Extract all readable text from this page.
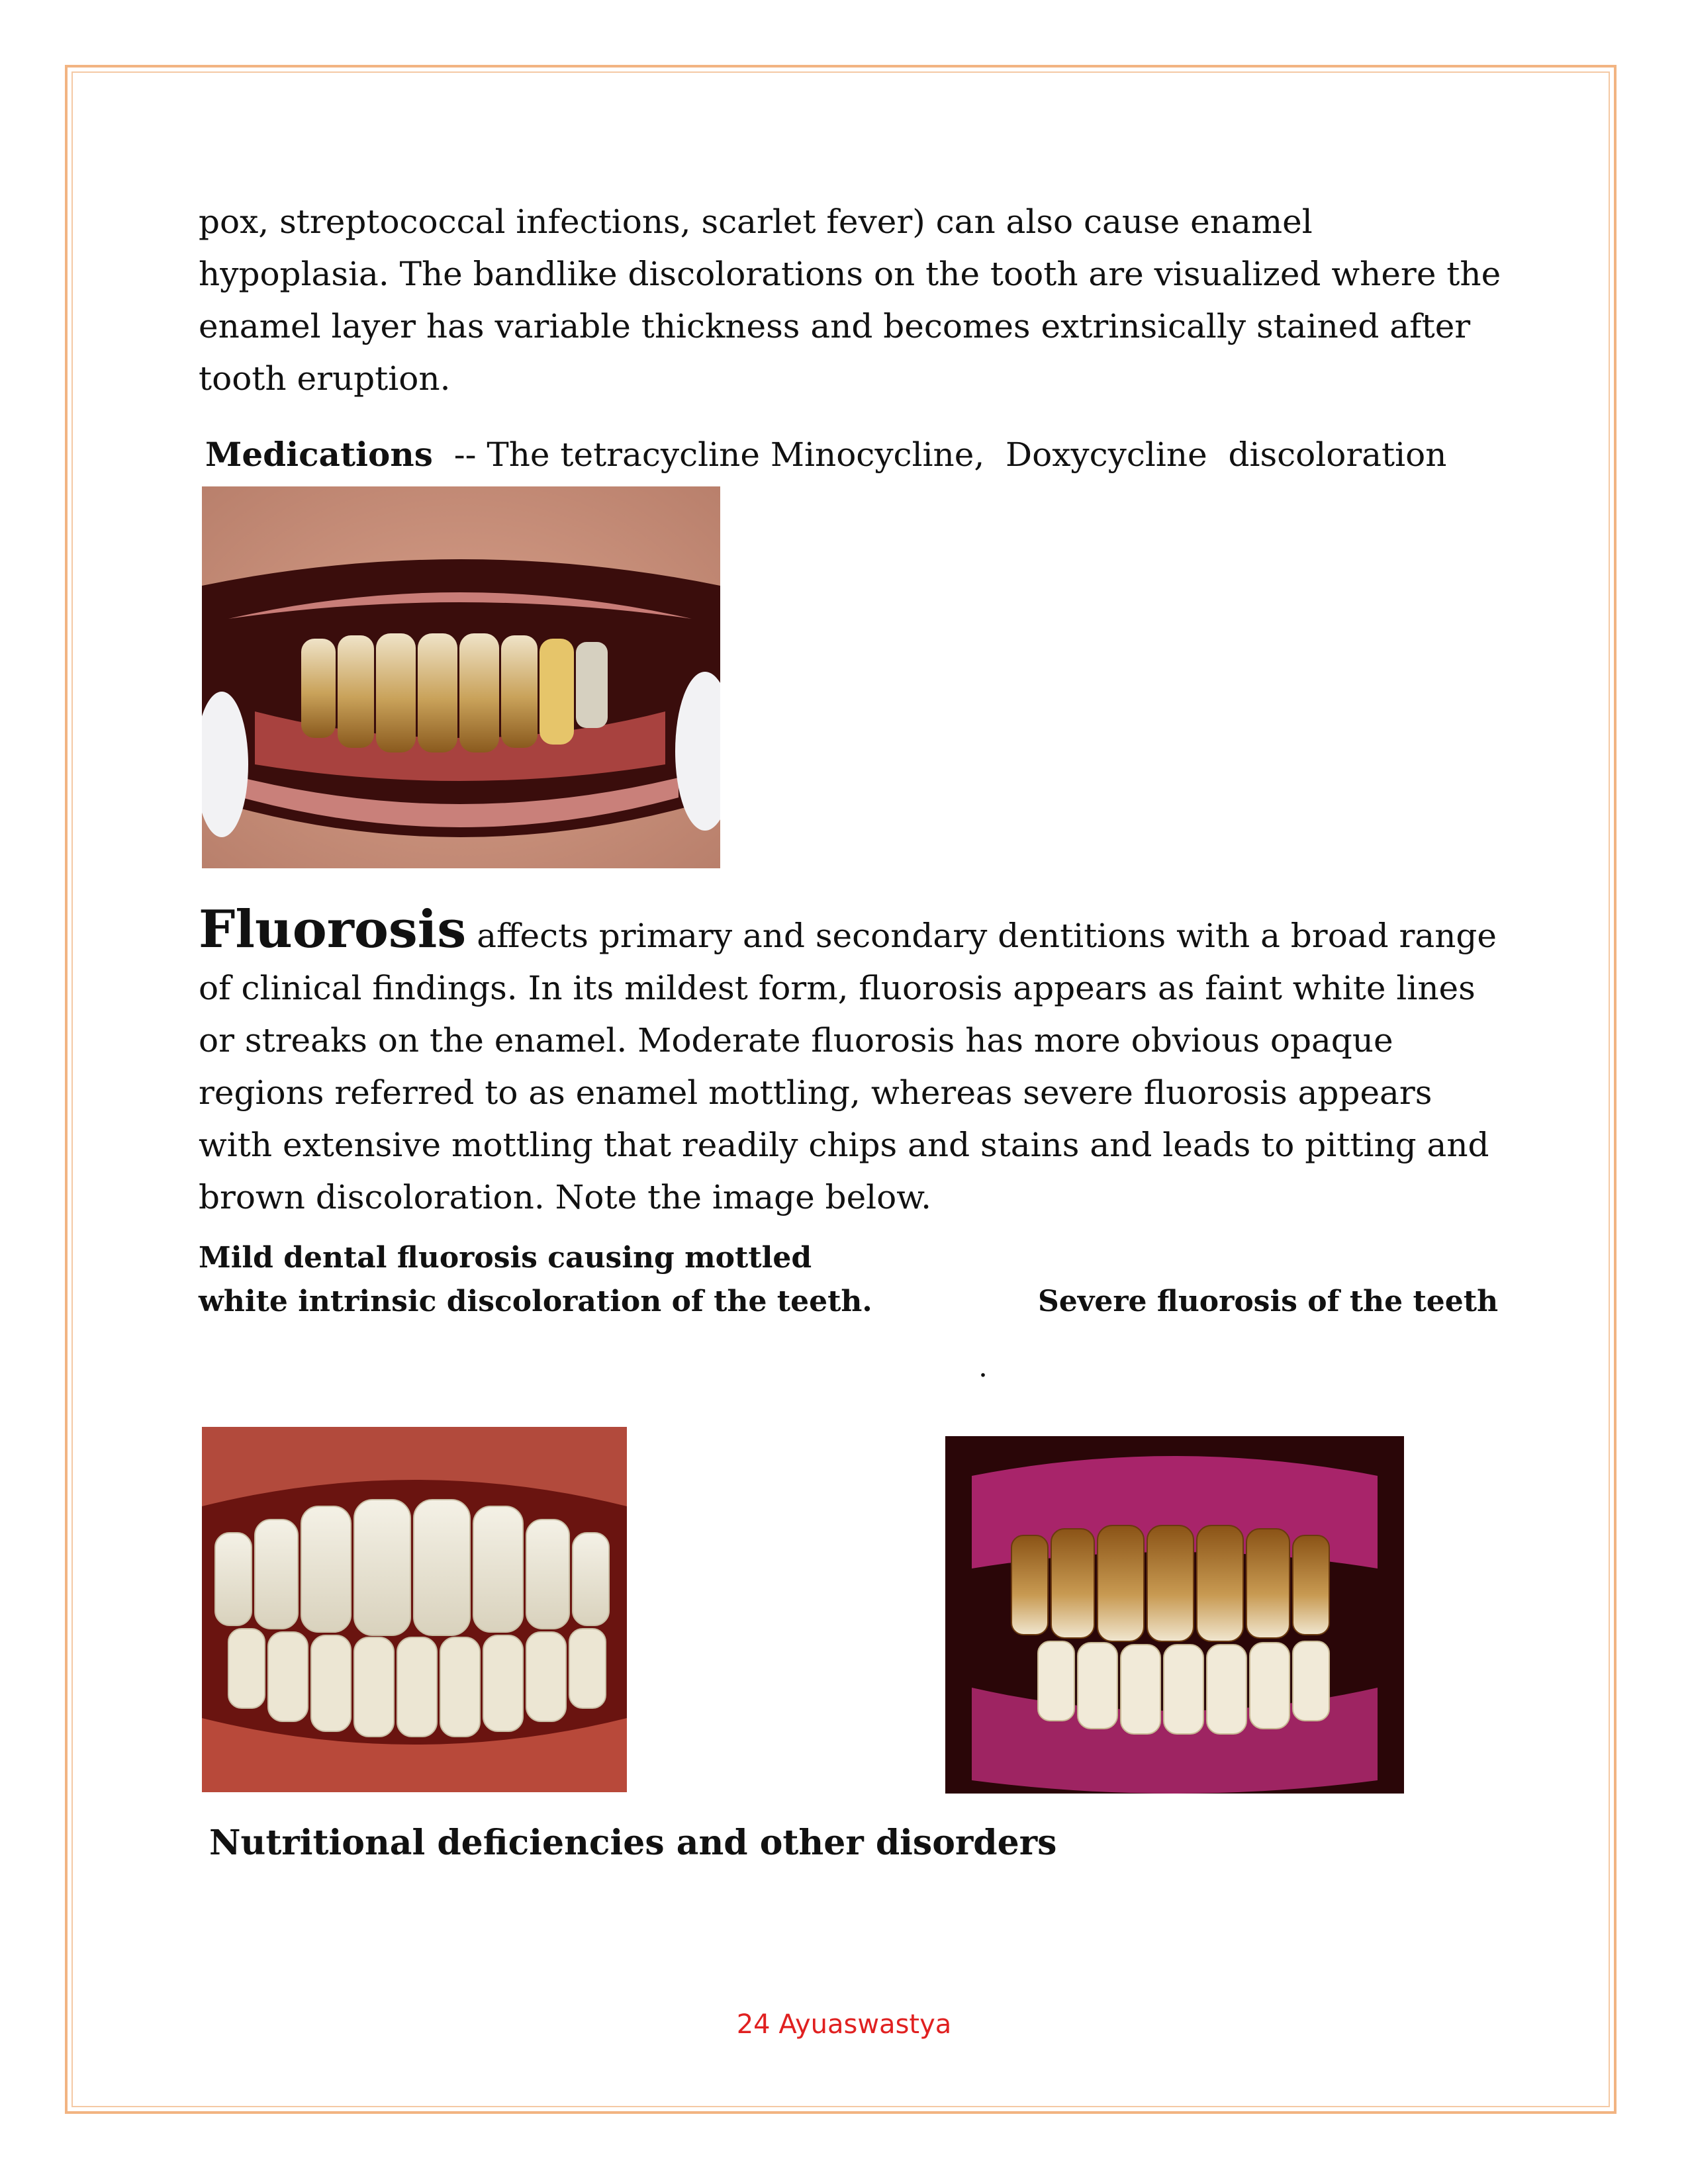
pox, streptococcal infections, scarlet fever) can also cause enamel hypoplasia. The bandlike discolorations on the tooth are visualized where the enamel layer has variable thickness and becomes extrinsically stained after tooth eruption.

Medications  -- The tetracycline Minocycline,  Doxycycline  discoloration
Fluorosis affects primary and secondary dentitions with a broad range of clinical findings. In its mildest form, fluorosis appears as faint white lines or streaks on the enamel. Moderate fluorosis has more obvious opaque regions referred to as enamel mottling, whereas severe fluorosis appears with extensive mottling that readily chips and stains and leads to pitting and brown discoloration. Note the image below.
Mild dental fluorosis causing mottled
white intrinsic discoloration of the teeth.	Severe fluorosis of the teeth
.
Nutritional deficiencies and other disorders
24 Ayuaswastya
